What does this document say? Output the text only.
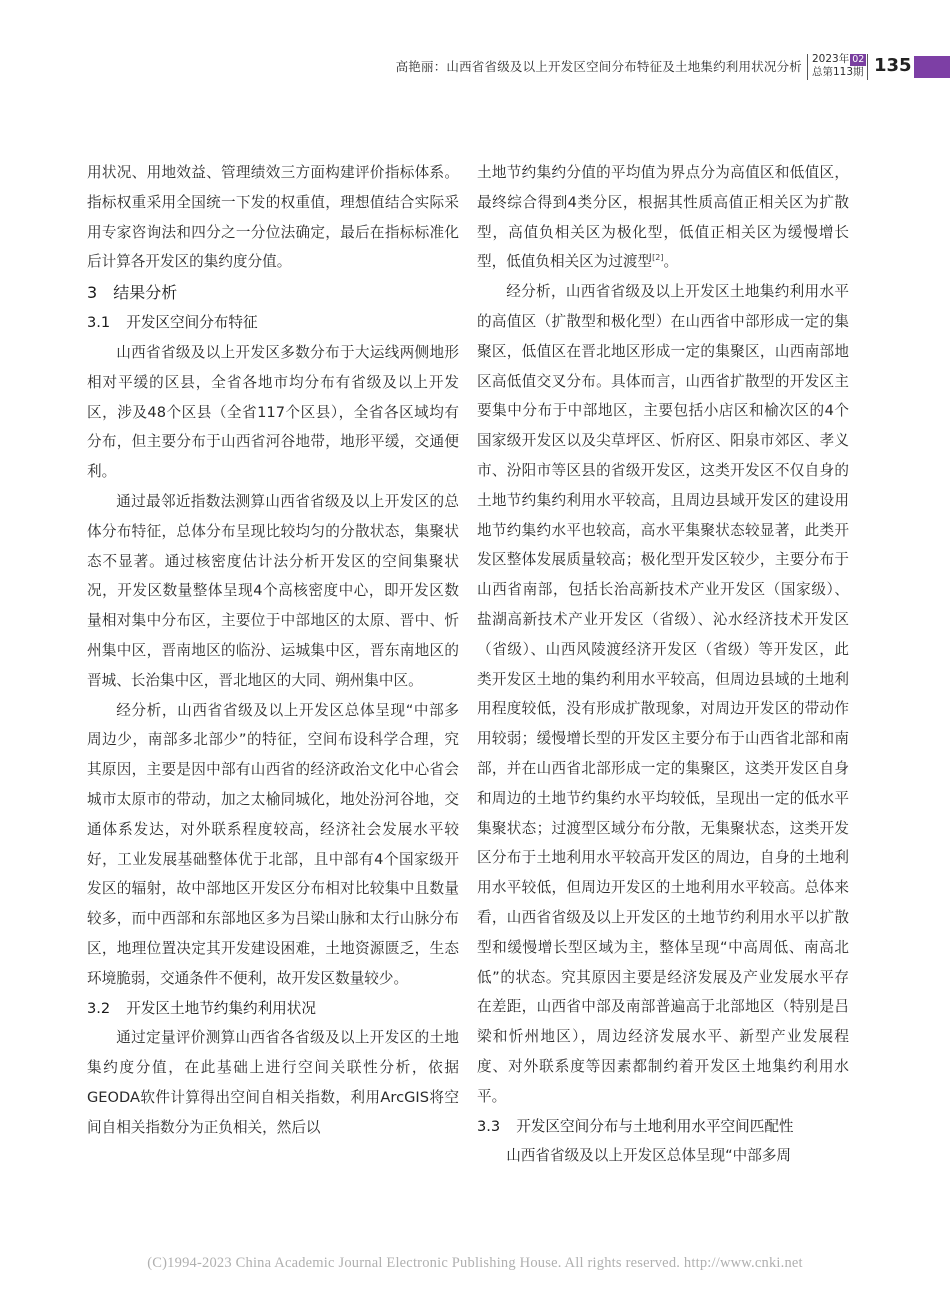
高艳丽：山西省省级及以上开发区空间分布特征及土地集约利用状况分析 2023年 02
总第113期 135

用状况、用地效益、管理绩效三方面构建评价指标体系。指标权重采用全国统一下发的权重值，理想值结合实际采用专家咨询法和四分之一分位法确定，最后在指标标准化后计算各开发区的集约度分值。

3 结果分析
3.1 开发区空间分布特征

山西省省级及以上开发区多数分布于大运线两侧地形相对平缓的区县，全省各地市均分布有省级及以上开发区，涉及48个区县（全省117个区县），全省各区域均有分布，但主要分布于山西省河谷地带，地形平缓，交通便利。

通过最邻近指数法测算山西省省级及以上开发区的总体分布特征，总体分布呈现比较均匀的分散状态，集聚状态不显著。通过核密度估计法分析开发区的空间集聚状况，开发区数量整体呈现4个高核密度中心，即开发区数量相对集中分布区，主要位于中部地区的太原、晋中、忻州集中区，晋南地区的临汾、运城集中区，晋东南地区的晋城、长治集中区，晋北地区的大同、朔州集中区。

经分析，山西省省级及以上开发区总体呈现“中部多周边少，南部多北部少”的特征，空间布设科学合理，究其原因，主要是因中部有山西省的经济政治文化中心省会城市太原市的带动，加之太榆同城化，地处汾河谷地，交通体系发达，对外联系程度较高，经济社会发展水平较好，工业发展基础整体优于北部，且中部有4个国家级开发区的辐射，故中部地区开发区分布相对比较集中且数量较多，而中西部和东部地区多为吕梁山脉和太行山脉分布区，地理位置决定其开发建设困难，土地资源匮乏，生态环境脆弱，交通条件不便利，故开发区数量较少。

3.2 开发区土地节约集约利用状况

通过定量评价测算山西省各省级及以上开发区的土地集约度分值，在此基础上进行空间关联性分析，依据GEODA软件计算得出空间自相关指数，利用ArcGIS将空间自相关指数分为正负相关，然后以

土地节约集约分值的平均值为界点分为高值区和低值区，最终综合得到4类分区，根据其性质高值正相关区为扩散型，高值负相关区为极化型，低值正相关区为缓慢增长型，低值负相关区为过渡型[2]。

经分析，山西省省级及以上开发区土地集约利用水平的高值区（扩散型和极化型）在山西省中部形成一定的集聚区，低值区在晋北地区形成一定的集聚区，山西南部地区高低值交叉分布。具体而言，山西省扩散型的开发区主要集中分布于中部地区，主要包括小店区和榆次区的4个国家级开发区以及尖草坪区、忻府区、阳泉市郊区、孝义市、汾阳市等区县的省级开发区，这类开发区不仅自身的土地节约集约利用水平较高，且周边县域开发区的建设用地节约集约水平也较高，高水平集聚状态较显著，此类开发区整体发展质量较高；极化型开发区较少，主要分布于山西省南部，包括长治高新技术产业开发区（国家级）、盐湖高新技术产业开发区（省级）、沁水经济技术开发区（省级）、山西风陵渡经济开发区（省级）等开发区，此类开发区土地的集约利用水平较高，但周边县域的土地利用程度较低，没有形成扩散现象，对周边开发区的带动作用较弱；缓慢增长型的开发区主要分布于山西省北部和南部，并在山西省北部形成一定的集聚区，这类开发区自身和周边的土地节约集约水平均较低，呈现出一定的低水平集聚状态；过渡型区域分布分散，无集聚状态，这类开发区分布于土地利用水平较高开发区的周边，自身的土地利用水平较低，但周边开发区的土地利用水平较高。总体来看，山西省省级及以上开发区的土地节约利用水平以扩散型和缓慢增长型区域为主，整体呈现“中高周低、南高北低”的状态。究其原因主要是经济发展及产业发展水平存在差距，山西省中部及南部普遍高于北部地区（特别是吕梁和忻州地区），周边经济发展水平、新型产业发展程度、对外联系度等因素都制约着开发区土地集约利用水平。

3.3 开发区空间分布与土地利用水平空间匹配性

山西省省级及以上开发区总体呈现“中部多周

(C)1994-2023 China Academic Journal Electronic Publishing House. All rights reserved. http://www.cnki.net
